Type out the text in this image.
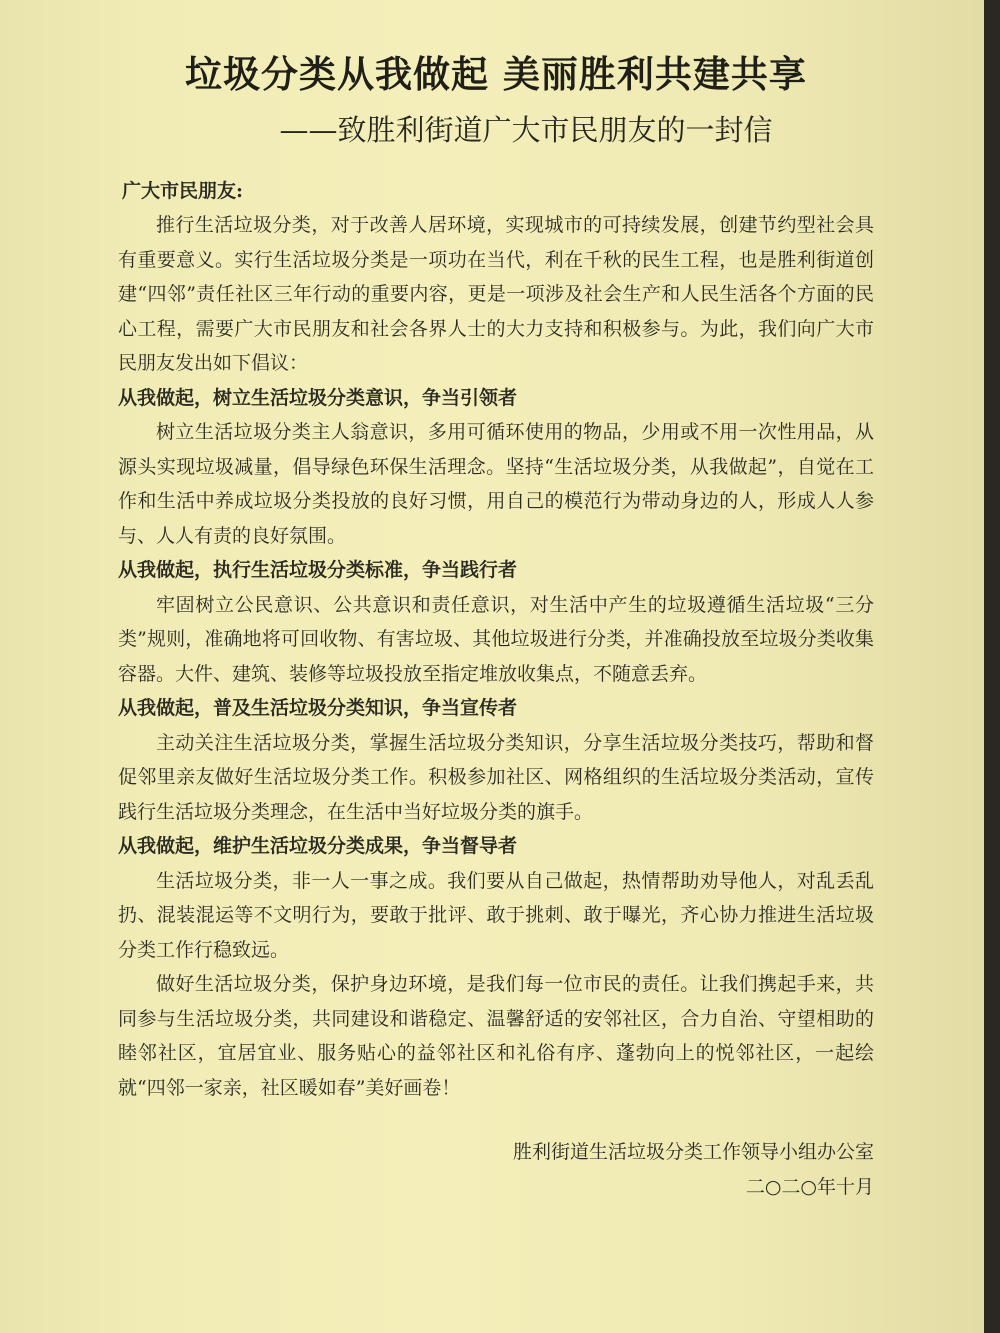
垃圾分类从我做起 美丽胜利共建共享
——致胜利街道广大市民朋友的一封信
广大市民朋友:

推行生活垃圾分类，对于改善人居环境，实现城市的可持续发展，创建节约型社会具有重要意义。实行生活垃圾分类是一项功在当代，利在千秋的民生工程，也是胜利街道创建“四邻”责任社区三年行动的重要内容，更是一项涉及社会生产和人民生活各个方面的民心工程，需要广大市民朋友和社会各界人士的大力支持和积极参与。为此，我们向广大市民朋友发出如下倡议：

从我做起，树立生活垃圾分类意识，争当引领者

树立生活垃圾分类主人翁意识，多用可循环使用的物品，少用或不用一次性用品，从源头实现垃圾减量，倡导绿色环保生活理念。坚持“生活垃圾分类，从我做起”，自觉在工作和生活中养成垃圾分类投放的良好习惯，用自己的模范行为带动身边的人，形成人人参与、人人有责的良好氛围。

从我做起，执行生活垃圾分类标准，争当践行者

牢固树立公民意识、公共意识和责任意识，对生活中产生的垃圾遵循生活垃圾“三分类”规则，准确地将可回收物、有害垃圾、其他垃圾进行分类，并准确投放至垃圾分类收集容器。大件、建筑、装修等垃圾投放至指定堆放收集点，不随意丢弃。

从我做起，普及生活垃圾分类知识，争当宣传者

主动关注生活垃圾分类，掌握生活垃圾分类知识，分享生活垃圾分类技巧，帮助和督促邻里亲友做好生活垃圾分类工作。积极参加社区、网格组织的生活垃圾分类活动，宣传践行生活垃圾分类理念，在生活中当好垃圾分类的旗手。

从我做起，维护生活垃圾分类成果，争当督导者

生活垃圾分类，非一人一事之成。我们要从自己做起，热情帮助劝导他人，对乱丢乱扔、混装混运等不文明行为，要敢于批评、敢于挑刺、敢于曝光，齐心协力推进生活垃圾分类工作行稳致远。

做好生活垃圾分类，保护身边环境，是我们每一位市民的责任。让我们携起手来，共同参与生活垃圾分类，共同建设和谐稳定、温馨舒适的安邻社区，合力自治、守望相助的睦邻社区，宜居宜业、服务贴心的益邻社区和礼俗有序、蓬勃向上的悦邻社区，一起绘就“四邻一家亲，社区暖如春”美好画卷！

胜利街道生活垃圾分类工作领导小组办公室
二○二○年十月
